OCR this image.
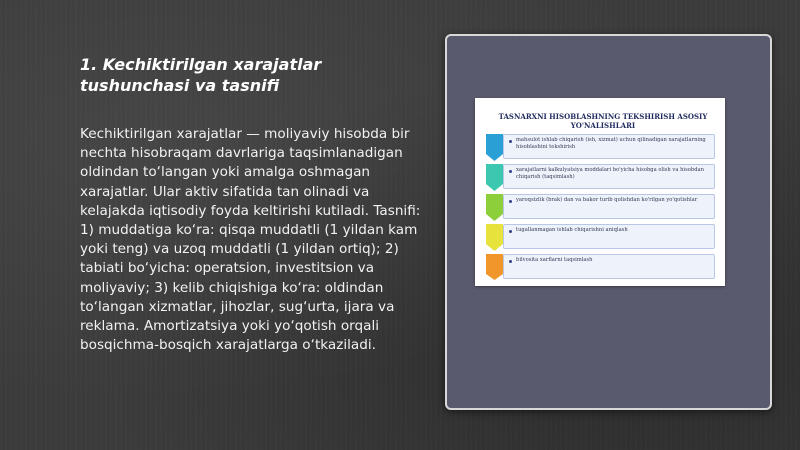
1. Kechiktirilgan xarajatlar
tushunchasi va tasnifi

Kechiktirilgan xarajatlar — moliyaviy hisobda bir nechta hisobraqam davrlariga taqsimlanadigan oldindan to‘langan yoki amalga oshmagan xarajatlar. Ular aktiv sifatida tan olinadi va kelajakda iqtisodiy foyda keltirishi kutiladi. Tasnifi: 1) muddatiga ko‘ra: qisqa muddatli (1 yildan kam yoki teng) va uzoq muddatli (1 yildan ortiq); 2) tabiati bo‘yicha: operatsion, investitsion va moliyaviy; 3) kelib chiqishiga ko‘ra: oldindan to‘langan xizmatlar, jihozlar, sug‘urta, ijara va reklama. Amortizatsiya yoki yo‘qotish orqali bosqichma-bosqich xarajatlarga o‘tkaziladi.

TASNARXNI HISOBLASHNING TEKSHIRISH ASOSIY YO'NALISHLARI

mahsulot ishlab chiqarish (ish, xizmat) uchun qilinadigan xarajatlarning hisoblashini tekshirish
xarajatlarni kalkulyatsiya moddalari bo'yicha hisobga olish va hisobdan chiqarish (taqsimlash)
yaroqsizlik (brak) dan va bakor turib qolishdan ko'rilgan yo'qotishlar
tugallanmagan ishlab chiqarishni aniqlash
bilvosita xarflarni taqsimlash
